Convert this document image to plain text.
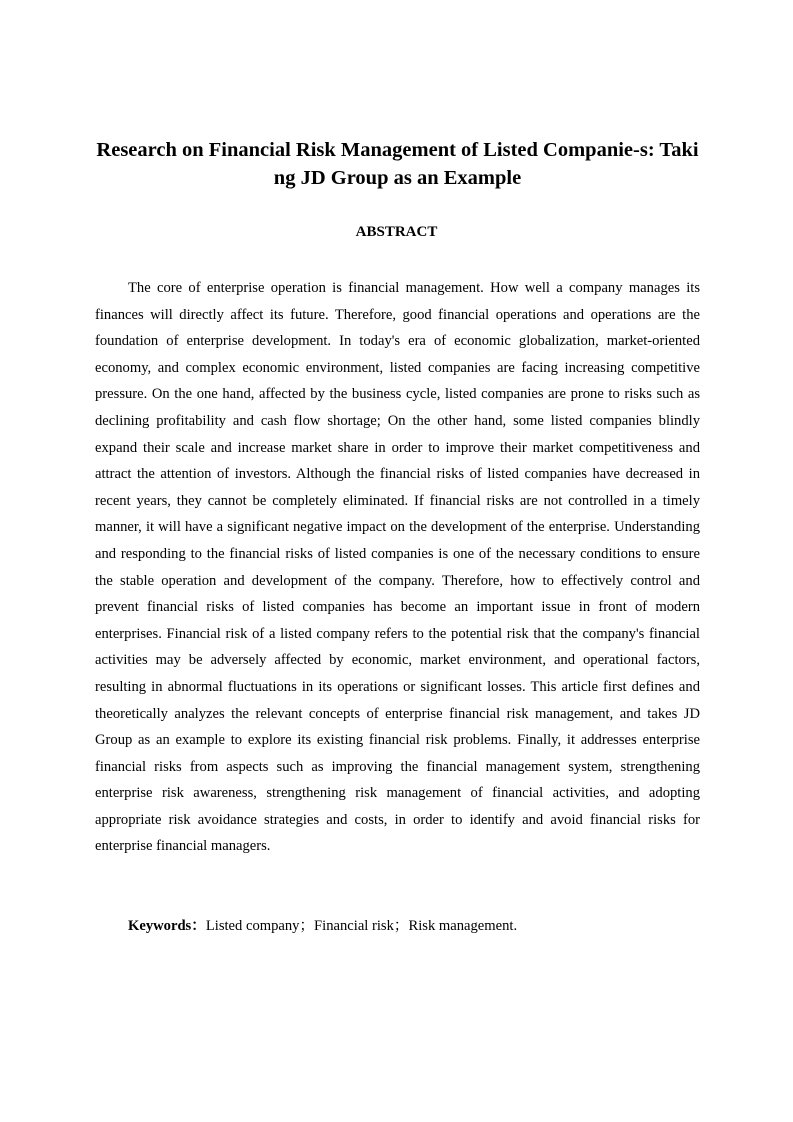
Research on Financial Risk Management of Listed Companie-s: Taking JD Group as an Example
ABSTRACT

The core of enterprise operation is financial management. How well a company manages its finances will directly affect its future. Therefore, good financial operations and operations are the foundation of enterprise development. In today's era of economic globalization, market-oriented economy, and complex economic environment, listed companies are facing increasing competitive pressure. On the one hand, affected by the business cycle, listed companies are prone to risks such as declining profitability and cash flow shortage; On the other hand, some listed companies blindly expand their scale and increase market share in order to improve their market competitiveness and attract the attention of investors. Although the financial risks of listed companies have decreased in recent years, they cannot be completely eliminated. If financial risks are not controlled in a timely manner, it will have a significant negative impact on the development of the enterprise. Understanding and responding to the financial risks of listed companies is one of the necessary conditions to ensure the stable operation and development of the company. Therefore, how to effectively control and prevent financial risks of listed companies has become an important issue in front of modern enterprises. Financial risk of a listed company refers to the potential risk that the company's financial activities may be adversely affected by economic, market environment, and operational factors, resulting in abnormal fluctuations in its operations or significant losses. This article first defines and theoretically analyzes the relevant concepts of enterprise financial risk management, and takes JD Group as an example to explore its existing financial risk problems. Finally, it addresses enterprise financial risks from aspects such as improving the financial management system, strengthening enterprise risk awareness, strengthening risk management of financial activities, and adopting appropriate risk avoidance strategies and costs, in order to identify and avoid financial risks for enterprise financial managers.

Keywords：Listed company；Financial risk；Risk management.
